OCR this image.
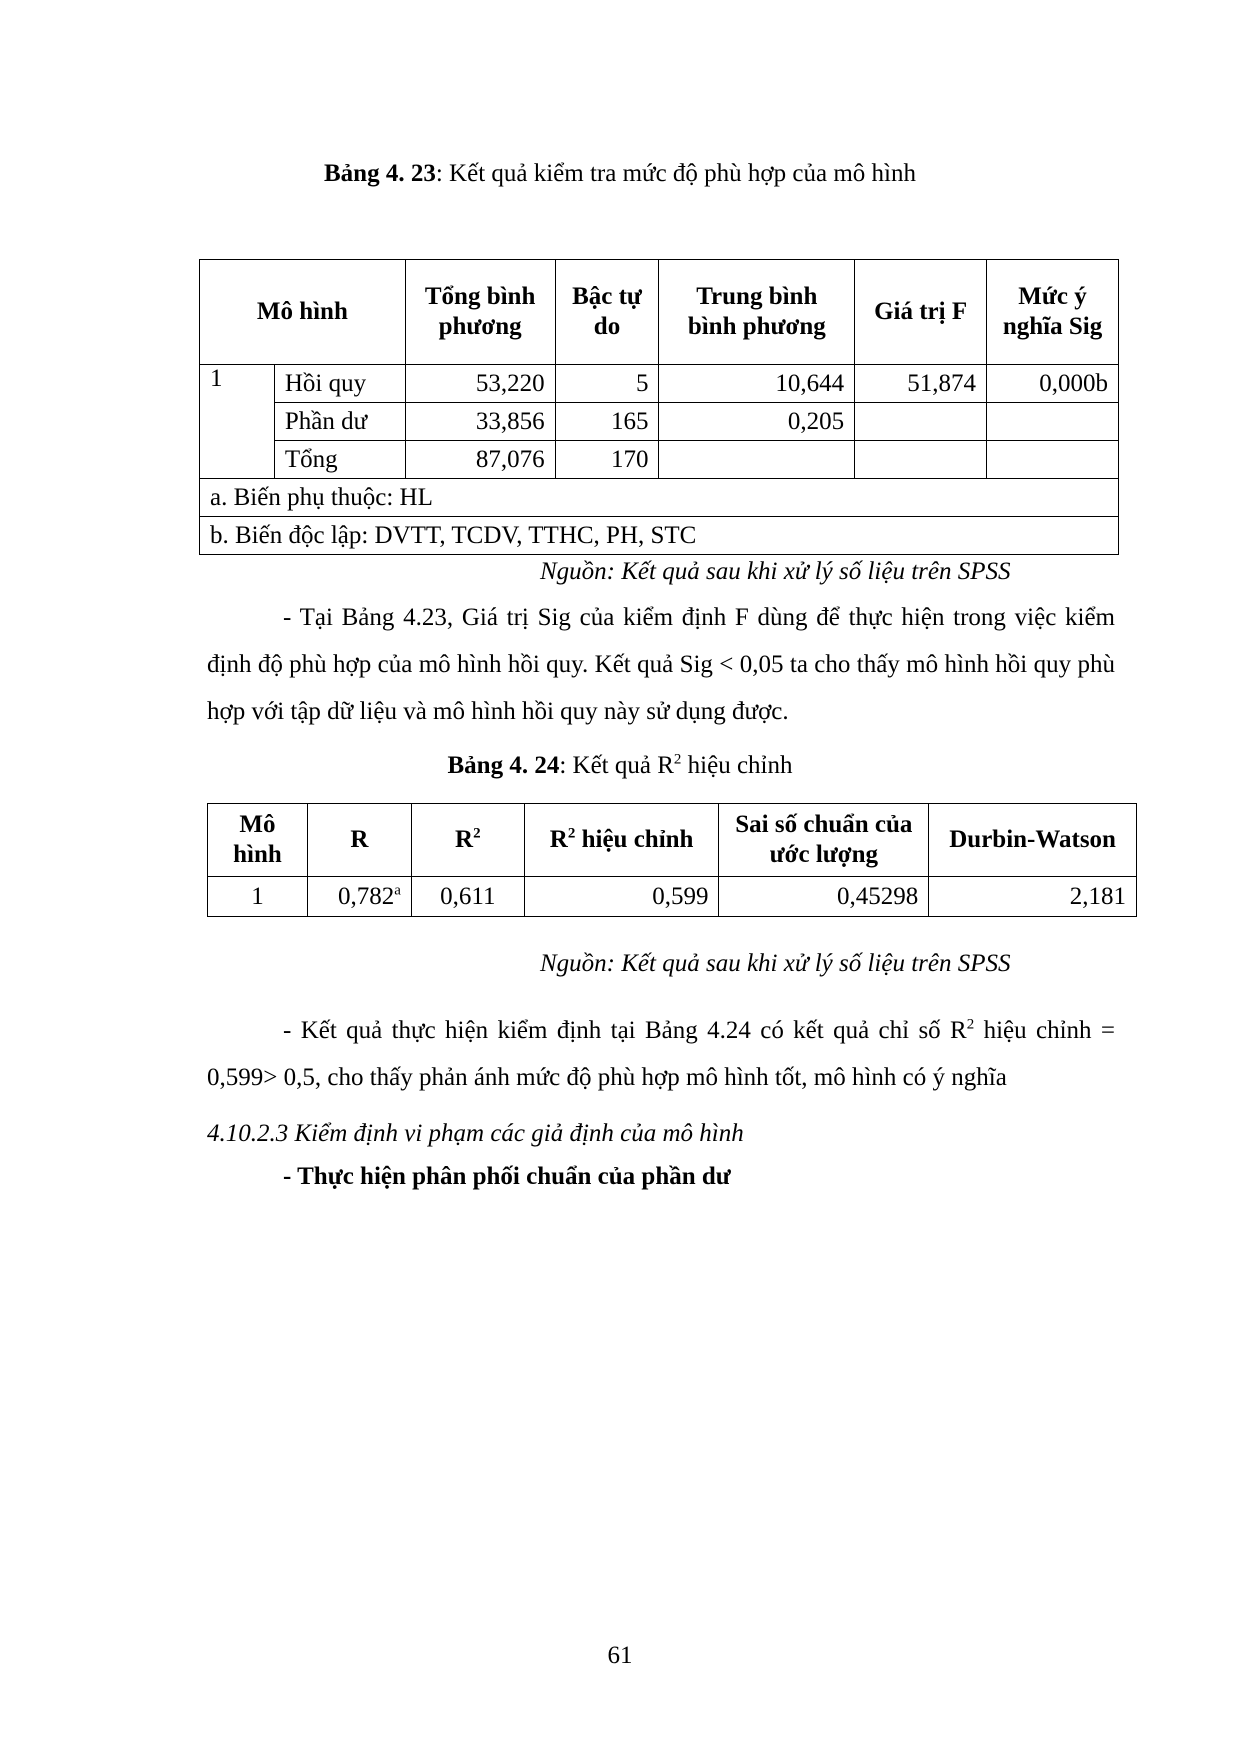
Bảng 4. 23: Kết quả kiểm tra mức độ phù hợp của mô hình
Mô hình		Tổng bình phương	Bậc tự do	Trung bình bình phương	Giá trị F	Mức ý nghĩa Sig
1	Hồi quy	53,220	5	10,644	51,874	0,000b
	Phần dư	33,856	165	0,205		
	Tổng	87,076	170			
a. Biến phụ thuộc: HL						
b. Biến độc lập: DVTT, TCDV, TTHC, PH, STC						
Nguồn: Kết quả sau khi xử lý số liệu trên SPSS
- Tại Bảng 4.23, Giá trị Sig của kiểm định F dùng để thực hiện trong việc kiểm định độ phù hợp của mô hình hồi quy. Kết quả Sig < 0,05 ta cho thấy mô hình hồi quy phù hợp với tập dữ liệu và mô hình hồi quy này sử dụng được.
Bảng 4. 24: Kết quả $R^2$ hiệu chỉnh
Mô hình	R	$R^2$	$R^2$ hiệu chỉnh	Sai số chuẩn của ước lượng	Durbin-Watson
1	0,782$^a$	0,611	0,599	0,45298	2,181
Nguồn: Kết quả sau khi xử lý số liệu trên SPSS
- Kết quả thực hiện kiểm định tại Bảng 4.24 có kết quả chỉ số $R^2$ hiệu chỉnh = 0,599> 0,5, cho thấy phản ánh mức độ phù hợp mô hình tốt, mô hình có ý nghĩa
4.10.2.3 Kiểm định vi phạm các giả định của mô hình
- Thực hiện phân phối chuẩn của phần dư
61
